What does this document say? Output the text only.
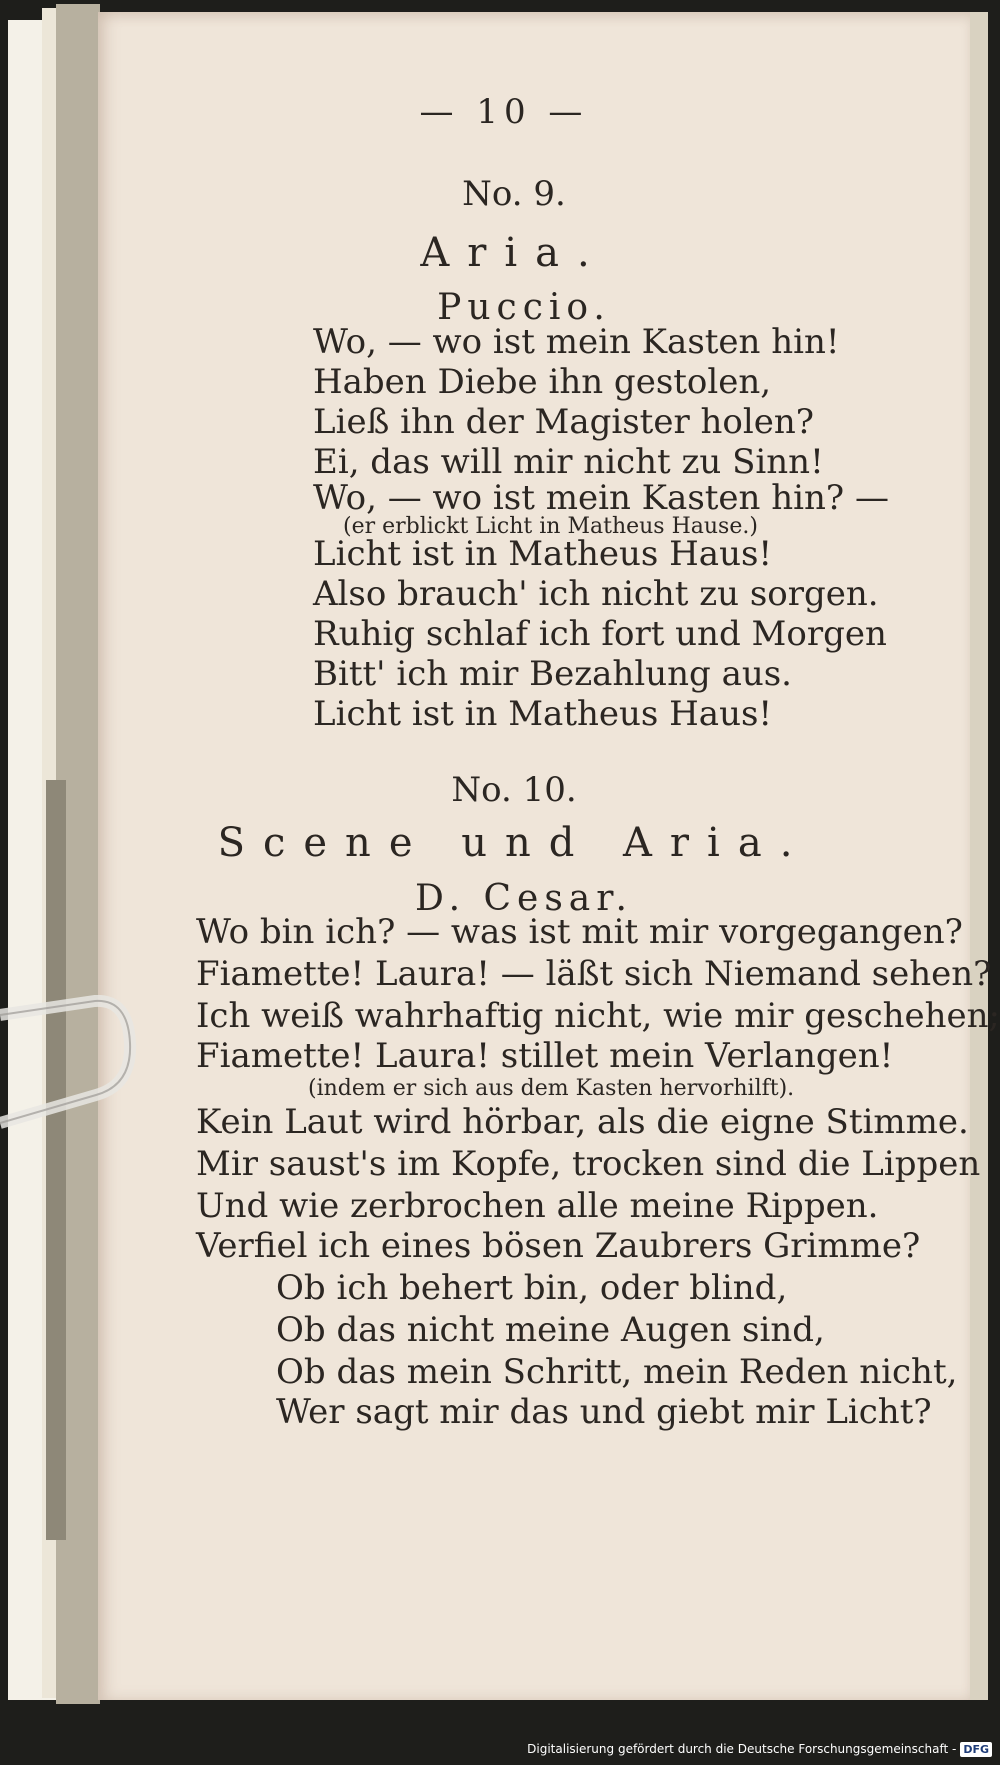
— 10 —
No. 9.
Aria.
Puccio.
Wo, — wo ist mein Kasten hin!
Haben Diebe ihn gestolen,
Ließ ihn der Magister holen?
Ei, das will mir nicht zu Sinn!
Wo, — wo ist mein Kasten hin? —
(er erblickt Licht in Matheus Hause.)
Licht ist in Matheus Haus!
Also brauch' ich nicht zu sorgen.
Ruhig schlaf ich fort und Morgen
Bitt' ich mir Bezahlung aus.
Licht ist in Matheus Haus!
No. 10.
Scene und Aria.
D. Cesar.
Wo bin ich? — was ist mit mir vorgegangen?
Fiamette! Laura! — läßt sich Niemand sehen?
Ich weiß wahrhaftig nicht, wie mir geschehen;
Fiamette! Laura! stillet mein Verlangen!
(indem er sich aus dem Kasten hervorhilft).
Kein Laut wird hörbar, als die eigne Stimme.
Mir saust's im Kopfe, trocken sind die Lippen
Und wie zerbrochen alle meine Rippen.
Verfiel ich eines bösen Zaubrers Grimme?
Ob ich behert bin, oder blind,
Ob das nicht meine Augen sind,
Ob das mein Schritt, mein Reden nicht,
Wer sagt mir das und giebt mir Licht?
Digitalisierung gefördert durch die Deutsche Forschungsgemeinschaft - DFG
